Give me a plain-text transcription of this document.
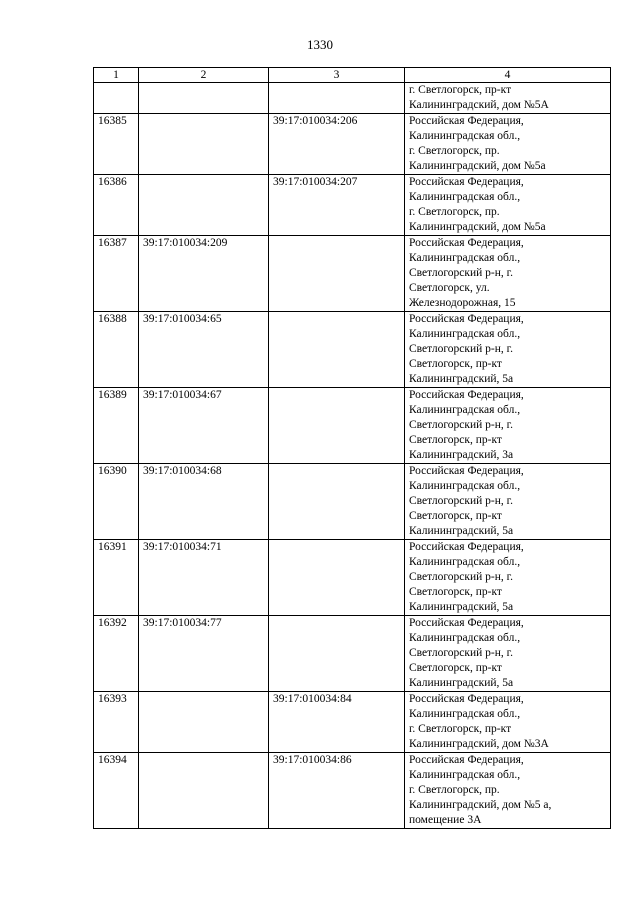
1330
1	2	3	4
			г. Светлогорск, пр-кт
Калининградский, дом №5А
16385		39:17:010034:206	Российская Федерация,
Калининградская обл.,
г. Светлогорск, пр.
Калининградский, дом №5а
16386		39:17:010034:207	Российская Федерация,
Калининградская обл.,
г. Светлогорск, пр.
Калининградский, дом №5а
16387	39:17:010034:209		Российская Федерация,
Калининградская обл.,
Светлогорский р-н, г.
Светлогорск, ул.
Железнодорожная, 15
16388	39:17:010034:65		Российская Федерация,
Калининградская обл.,
Светлогорский р-н, г.
Светлогорск, пр-кт
Калининградский, 5а
16389	39:17:010034:67		Российская Федерация,
Калининградская обл.,
Светлогорский р-н, г.
Светлогорск, пр-кт
Калининградский, 3а
16390	39:17:010034:68		Российская Федерация,
Калининградская обл.,
Светлогорский р-н, г.
Светлогорск, пр-кт
Калининградский, 5а
16391	39:17:010034:71		Российская Федерация,
Калининградская обл.,
Светлогорский р-н, г.
Светлогорск, пр-кт
Калининградский, 5а
16392	39:17:010034:77		Российская Федерация,
Калининградская обл.,
Светлогорский р-н, г.
Светлогорск, пр-кт
Калининградский, 5а
16393		39:17:010034:84	Российская Федерация,
Калининградская обл.,
г. Светлогорск, пр-кт
Калининградский, дом №3А
16394		39:17:010034:86	Российская Федерация,
Калининградская обл.,
г. Светлогорск, пр.
Калининградский, дом №5 а,
помещение 3А
